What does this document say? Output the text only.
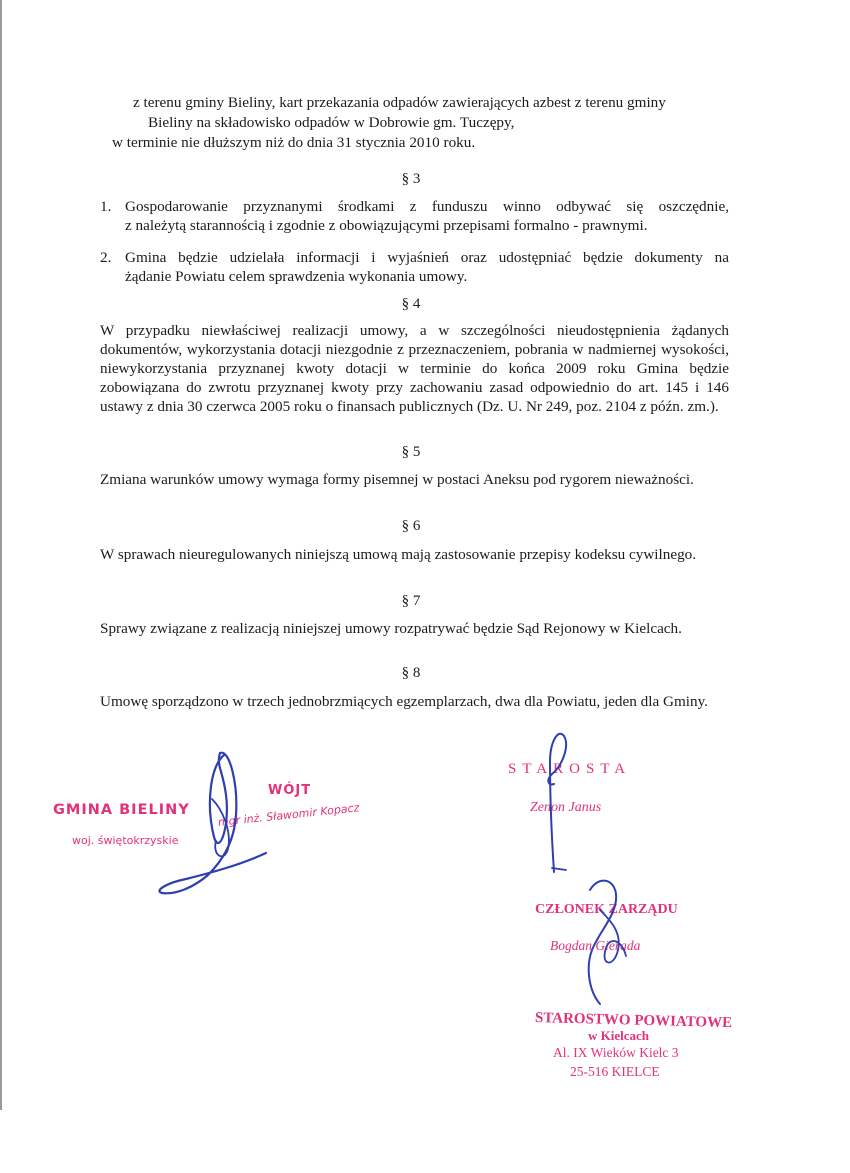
z terenu gminy Bieliny, kart przekazania odpadów zawierających azbest z terenu gminy

Bieliny na składowisko odpadów w Dobrowie gm. Tuczępy,

w terminie nie dłuższym niż do dnia 31 stycznia 2010 roku.

§ 3

1. Gospodarowanie przyznanymi środkami z funduszu winno odbywać się oszczędnie,

z należytą starannością i zgodnie z obowiązującymi przepisami formalno - prawnymi.

2. Gmina będzie udzielała informacji i wyjaśnień oraz udostępniać będzie dokumenty na

żądanie Powiatu celem sprawdzenia wykonania umowy.

§ 4

W przypadku niewłaściwej realizacji umowy, a w szczególności nieudostępnienia żądanych dokumentów, wykorzystania dotacji niezgodnie z przeznaczeniem, pobrania w nadmiernej wysokości, niewykorzystania przyznanej kwoty dotacji w terminie do końca 2009 roku Gmina będzie zobowiązana do zwrotu przyznanej kwoty przy zachowaniu zasad odpowiednio do art. 145 i 146 ustawy z dnia 30 czerwca 2005 roku o finansach publicznych (Dz. U. Nr 249, poz. 2104 z późn. zm.).

§ 5

Zmiana warunków umowy wymaga formy pisemnej w postaci Aneksu pod rygorem nieważności.

§ 6

W sprawach nieuregulowanych niniejszą umową mają zastosowanie przepisy kodeksu cywilnego.

§ 7

Sprawy związane z realizacją niniejszej umowy rozpatrywać będzie Sąd Rejonowy w Kielcach.

§ 8

Umowę sporządzono w trzech jednobrzmiących egzemplarzach, dwa dla Powiatu, jeden dla Gminy.

GMINA BIELINY

woj. świętokrzyskie

WÓJT

mgr inż. Sławomir Kopacz

STAROSTA

Zenon Janus

CZŁONEK ZARZĄDU

Bogdan Gierada

STAROSTWO POWIATOWE

w Kielcach

Al. IX Wieków Kielc 3

25-516 KIELCE
